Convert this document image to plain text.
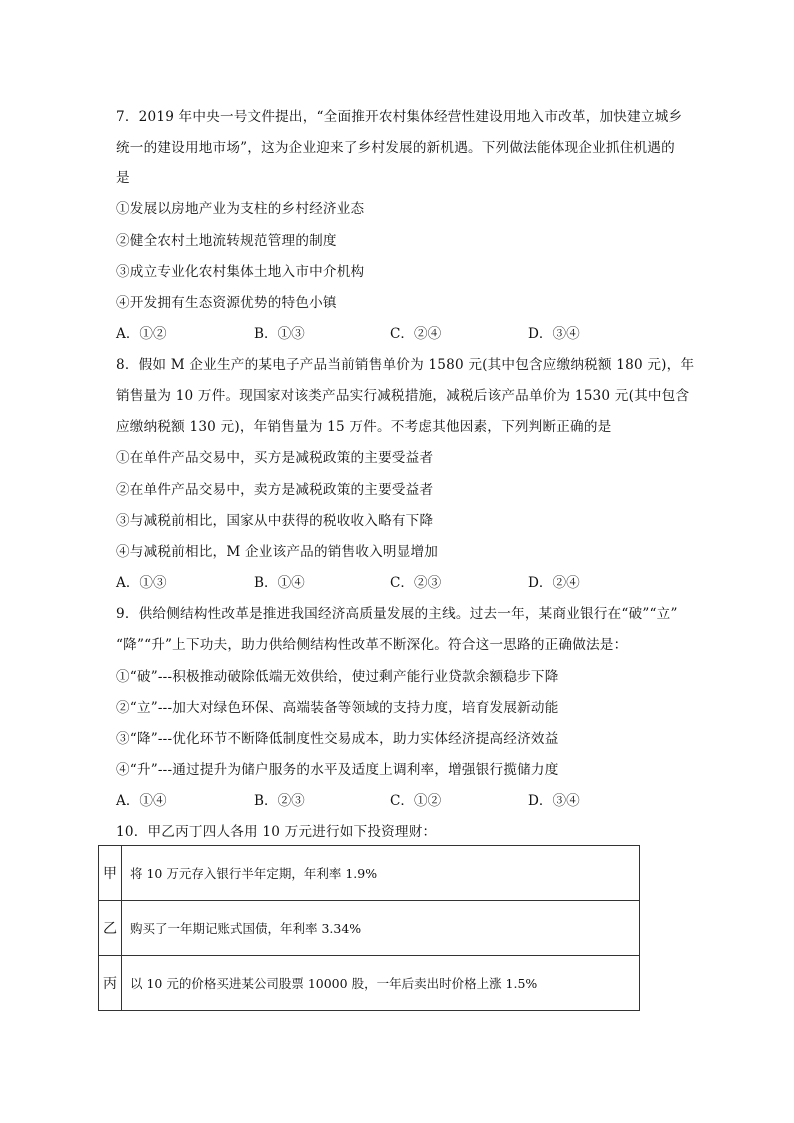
7．2019 年中央一号文件提出，“全面推开农村集体经营性建设用地入市改革，加快建立城乡
统一的建设用地市场”，这为企业迎来了乡村发展的新机遇。下列做法能体现企业抓住机遇的
是
①发展以房地产业为支柱的乡村经济业态
②健全农村土地流转规范管理的制度
③成立专业化农村集体土地入市中介机构
④开发拥有生态资源优势的特色小镇
A．①②	B．①③	C．②④	D．③④
8．假如 M 企业生产的某电子产品当前销售单价为 1580 元(其中包含应缴纳税额 180 元)，年
销售量为 10 万件。现国家对该类产品实行减税措施，减税后该产品单价为 1530 元(其中包含
应缴纳税额 130 元)，年销售量为 15 万件。不考虑其他因素，下列判断正确的是
①在单件产品交易中，买方是减税政策的主要受益者
②在单件产品交易中，卖方是减税政策的主要受益者
③与减税前相比，国家从中获得的税收收入略有下降
④与减税前相比，M 企业该产品的销售收入明显增加
A．①③	B．①④	C．②③	D．②④
9．供给侧结构性改革是推进我国经济高质量发展的主线。过去一年，某商业银行在“破”“立”
“降”“升”上下功夫，助力供给侧结构性改革不断深化。符合这一思路的正确做法是：
①“破”---积极推动破除低端无效供给，使过剩产能行业贷款余额稳步下降
②“立”---加大对绿色环保、高端装备等领域的支持力度，培育发展新动能
③“降”---优化环节不断降低制度性交易成本，助力实体经济提高经济效益
④“升”---通过提升为储户服务的水平及适度上调利率，增强银行揽储力度
A．①④	B．②③	C．①②	D．③④
10．甲乙丙丁四人各用 10 万元进行如下投资理财：
甲	将 10 万元存入银行半年定期，年利率 1.9%
乙	购买了一年期记账式国债，年利率 3.34%
丙	以 10 元的价格买进某公司股票 10000 股，一年后卖出时价格上涨 1.5%
